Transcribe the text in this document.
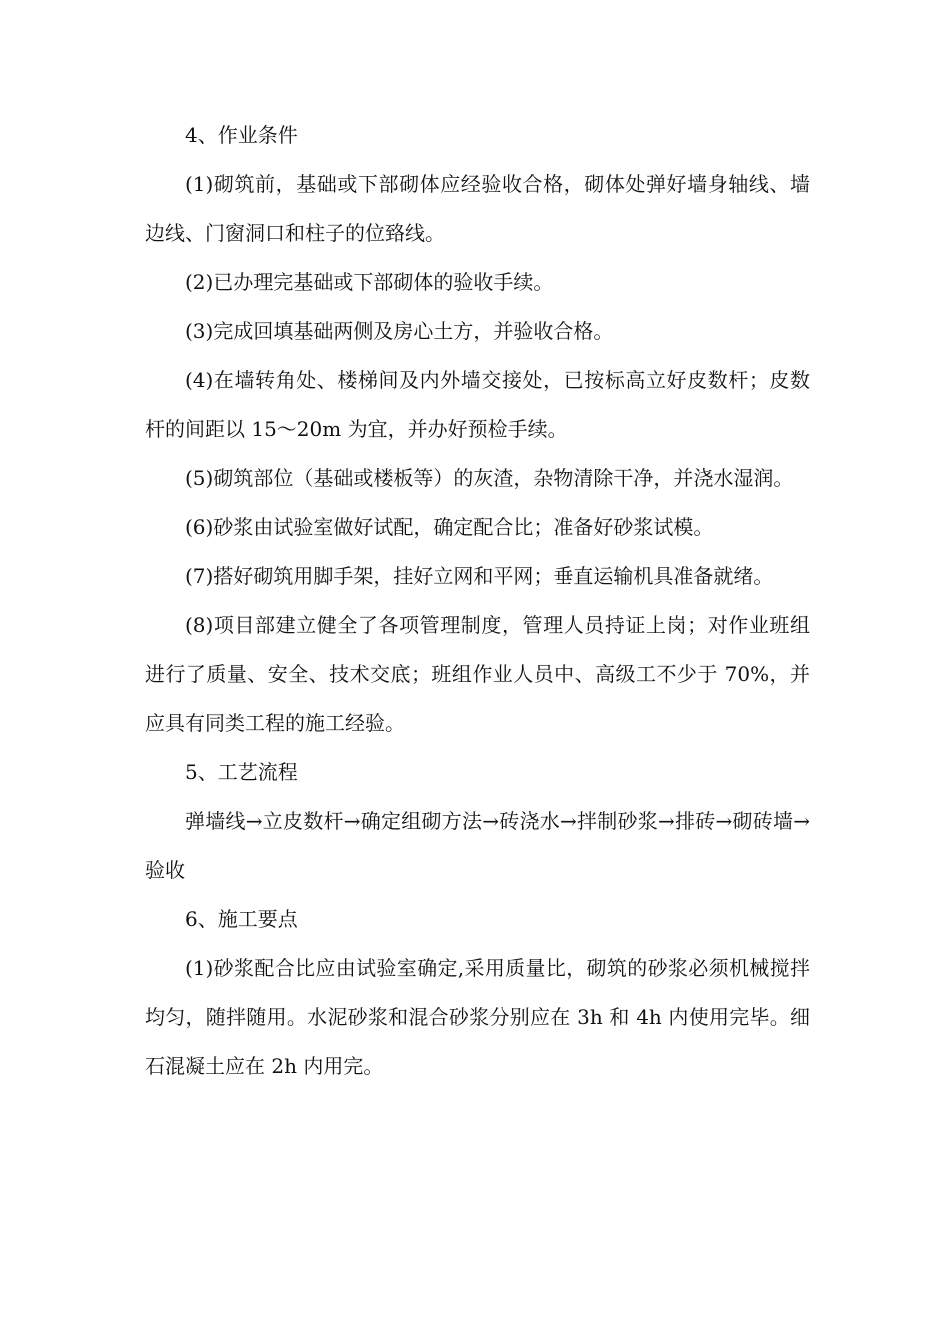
4、作业条件

(1)砌筑前，基础或下部砌体应经验收合格，砌体处弹好墙身轴线、墙边线、门窗洞口和柱子的位臵线。

(2)已办理完基础或下部砌体的验收手续。

(3)完成回填基础两侧及房心土方，并验收合格。

(4)在墙转角处、楼梯间及内外墙交接处，已按标高立好皮数杆；皮数杆的间距以 15～20m 为宜，并办好预检手续。

(5)砌筑部位（基础或楼板等）的灰渣，杂物清除干净，并浇水湿润。

(6)砂浆由试验室做好试配，确定配合比；准备好砂浆试模。

(7)搭好砌筑用脚手架，挂好立网和平网；垂直运输机具准备就绪。

(8)项目部建立健全了各项管理制度，管理人员持证上岗；对作业班组进行了质量、安全、技术交底；班组作业人员中、高级工不少于 70%，并应具有同类工程的施工经验。

5、工艺流程

弹墙线→立皮数杆→确定组砌方法→砖浇水→拌制砂浆→排砖→砌砖墙→验收

6、施工要点

(1)砂浆配合比应由试验室确定,采用质量比，砌筑的砂浆必须机械搅拌均匀，随拌随用。水泥砂浆和混合砂浆分别应在 3h 和 4h 内使用完毕。细石混凝土应在 2h 内用完。
